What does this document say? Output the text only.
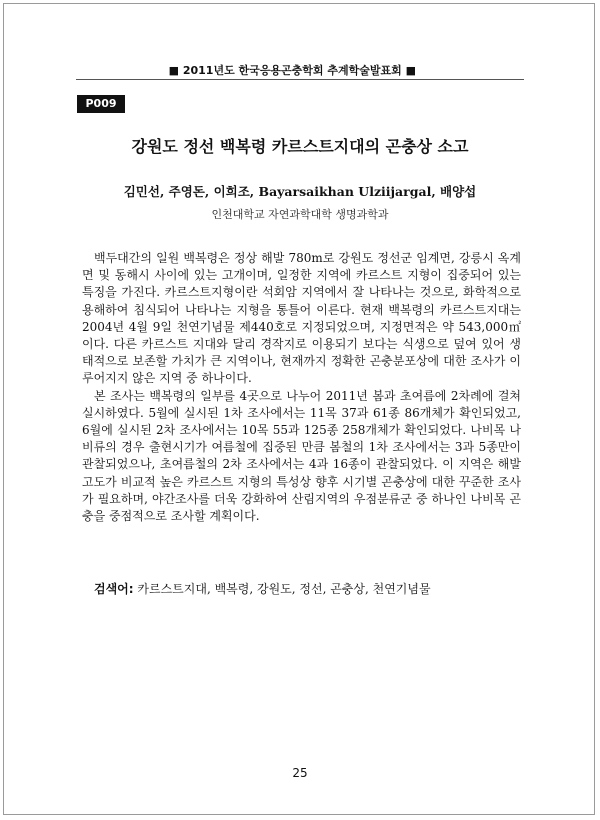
■ 2011년도 한국응용곤충학회 추계학술발표회 ■
P009
강원도 정선 백복령 카르스트지대의 곤충상 소고
김민선, 주영돈, 이희조, Bayarsaikhan Ulziijargal, 배양섭
인천대학교 자연과학대학 생명과학과

백두대간의 일원 백복령은 정상 해발 780m로 강원도 정선군 임계면, 강릉시 옥계면 및 동해시 사이에 있는 고개이며, 일정한 지역에 카르스트 지형이 집중되어 있는 특징을 가진다. 카르스트지형이란 석회암 지역에서 잘 나타나는 것으로, 화학적으로 용해하여 침식되어 나타나는 지형을 통틀어 이른다. 현재 백복령의 카르스트지대는 2004년 4월 9일 천연기념물 제440호로 지정되었으며, 지정면적은 약 543,000㎡이다. 다른 카르스트 지대와 달리 경작지로 이용되기 보다는 식생으로 덮여 있어 생태적으로 보존할 가치가 큰 지역이나, 현재까지 정확한 곤충분포상에 대한 조사가 이루어지지 않은 지역 중 하나이다.

본 조사는 백복령의 일부를 4곳으로 나누어 2011년 봄과 초여름에 2차례에 걸쳐 실시하였다. 5월에 실시된 1차 조사에서는 11목 37과 61종 86개체가 확인되었고, 6월에 실시된 2차 조사에서는 10목 55과 125종 258개체가 확인되었다. 나비목 나비류의 경우 출현시기가 여름철에 집중된 만큼 봄철의 1차 조사에서는 3과 5종만이 관찰되었으나, 초여름철의 2차 조사에서는 4과 16종이 관찰되었다. 이 지역은 해발고도가 비교적 높은 카르스트 지형의 특성상 향후 시기별 곤충상에 대한 꾸준한 조사가 필요하며, 야간조사를 더욱 강화하여 산림지역의 우점분류군 중 하나인 나비목 곤충을 중점적으로 조사할 계획이다.

검색어: 카르스트지대, 백복령, 강원도, 정선, 곤충상, 천연기념물
25
